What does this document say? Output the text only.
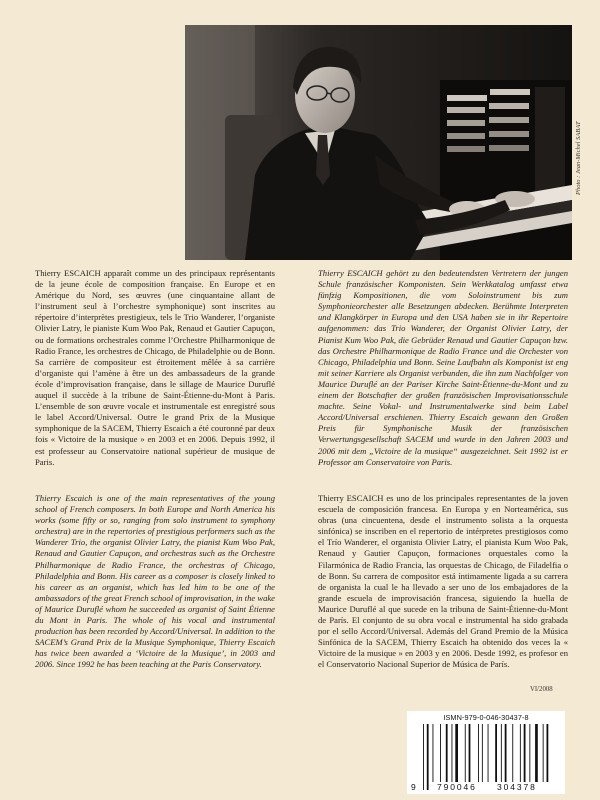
Photo : Jean-Michel SABAT

Thierry ESCAICH apparaît comme un des principaux représentants de la jeune école de composition française. En Europe et en Amérique du Nord, ses œuvres (une cinquantaine allant de l’instrument seul à l’orchestre symphonique) sont inscrites au répertoire d’interprètes prestigieux, tels le Trio Wanderer, l’organiste Olivier Latry, le pianiste Kum Woo Pak, Renaud et Gautier Capuçon, ou de formations orchestrales comme l’Orchestre Philharmonique de Radio France, les orchestres de Chicago, de Philadelphie ou de Bonn. Sa carrière de compositeur est étroitement mêlée à sa carrière d’organiste qui l’amène à être un des ambassadeurs de la grande école d’improvisation française, dans le sillage de Maurice Duruflé auquel il succède à la tribune de Saint-Étienne-du-Mont à Paris. L’ensemble de son œuvre vocale et instrumentale est enregistré sous le label Accord/Universal. Outre le grand Prix de la Musique symphonique de la SACEM, Thierry Escaich a été couronné par deux fois « Victoire de la musique » en 2003 et en 2006. Depuis 1992, il est professeur au Conservatoire national supérieur de musique de Paris.

Thierry ESCAICH gehört zu den bedeutendsten Vertretern der jungen Schule französischer Komponisten. Sein Werkkatalog umfasst etwa fünfzig Kompositionen, die vom Soloinstrument bis zum Symphonieorchester alle Besetzungen abdecken. Berühmte Interpreten und Klangkörper in Europa und den USA haben sie in ihr Repertoire aufgenommen: das Trio Wanderer, der Organist Olivier Latry, der Pianist Kum Woo Pak, die Gebrüder Renaud und Gautier Capuçon bzw. das Orchestre Philharmonique de Radio France und die Orchester von Chicago, Philadelphia und Bonn. Seine Laufbahn als Komponist ist eng mit seiner Karriere als Organist verbunden, die ihn zum Nachfolger von Maurice Duruflé an der Pariser Kirche Saint-Étienne-du-Mont und zu einem der Botschafter der großen französischen Improvisationsschule machte. Seine Vokal- und Instrumentalwerke sind beim Label Accord/Universal erschienen. Thierry Escaich gewann den Großen Preis für Symphonische Musik der französischen Verwertungsgesellschaft SACEM und wurde in den Jahren 2003 und 2006 mit dem „Victoire de la musique“ ausgezeichnet. Seit 1992 ist er Professor am Conservatoire von Paris.

Thierry Escaich is one of the main representatives of the young school of French composers. In both Europe and North America his works (some fifty or so, ranging from solo instrument to symphony orchestra) are in the repertories of prestigious performers such as the Wanderer Trio, the organist Olivier Latry, the pianist Kum Woo Pak, Renaud and Gautier Capuçon, and orchestras such as the Orchestre Philharmonique de Radio France, the orchestras of Chicago, Philadelphia and Bonn. His career as a composer is closely linked to his career as an organist, which has led him to be one of the ambassadors of the great French school of improvisation, in the wake of Maurice Duruflé whom he succeeded as organist of Saint Étienne du Mont in Paris. The whole of his vocal and instrumental production has been recorded by Accord/Universal. In addition to the SACEM’s Grand Prix de la Musique Symphonique, Thierry Escaich has twice been awarded a ‘Victoire de la Musique’, in 2003 and 2006. Since 1992 he has been teaching at the Paris Conservatory.

Thierry ESCAICH es uno de los principales representantes de la joven escuela de composición francesa. En Europa y en Norteamérica, sus obras (una cincuentena, desde el instrumento solista a la orquesta sinfónica) se inscriben en el repertorio de intérpretes prestigiosos como el Trío Wanderer, el organista Olivier Latry, el pianista Kum Woo Pak, Renaud y Gautier Capuçon, formaciones orquestales como la Filarmónica de Radio Francia, las orquestas de Chicago, de Filadelfia o de Bonn. Su carrera de compositor está íntimamente ligada a su carrera de organista la cual le ha llevado a ser uno de los embajadores de la grande escuela de improvisación francesa, siguiendo la huella de Maurice Duruflé al que sucede en la tribuna de Saint-Étienne-du-Mont de París. El conjunto de su obra vocal e instrumental ha sido grabada por el sello Accord/Universal. Además del Grand Premio de la Música Sinfónica de la SACEM, Thierry Escaich ha obtenido dos veces la « Victoire de la musique » en 2003 y en 2006. Desde 1992, es profesor en el Conservatorio Nacional Superior de Música de París.

VI/2008
ISMN-979-0-046-30437-8
9	790046 304378
